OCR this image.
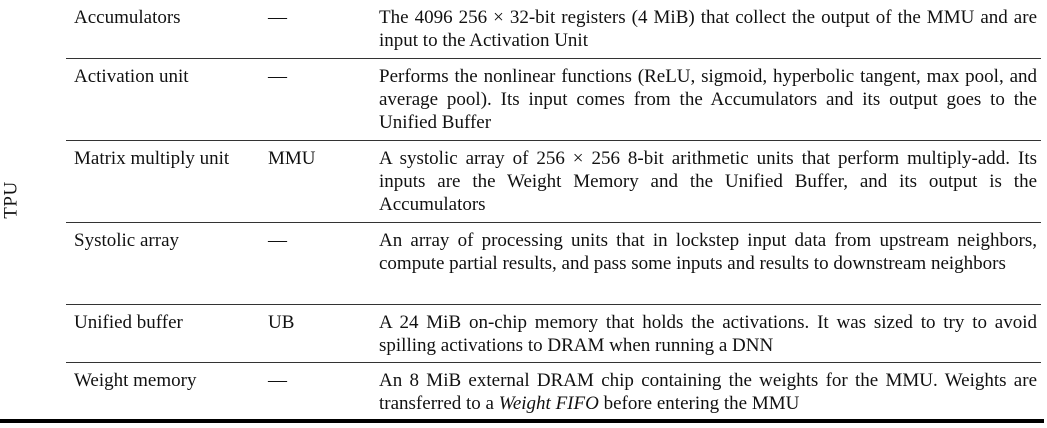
TPU
Accumulators	—	The 4096 256 × 32-bit registers (4 MiB) that collect the output of the MMU and are input to the Activation Unit
Activation unit	—	Performs the nonlinear functions (ReLU, sigmoid, hyperbolic tangent, max pool, and average pool). Its input comes from the Accumulators and its output goes to the Unified Buffer
Matrix multiply unit	MMU	A systolic array of 256 × 256 8-bit arithmetic units that perform multiply-add. Its inputs are the Weight Memory and the Unified Buffer, and its output is the Accumulators
Systolic array	—	An array of processing units that in lockstep input data from upstream neighbors, compute partial results, and pass some inputs and results to downstream neighbors
Unified buffer	UB	A 24 MiB on-chip memory that holds the activations. It was sized to try to avoid spilling activations to DRAM when running a DNN
Weight memory	—	An 8 MiB external DRAM chip containing the weights for the MMU. Weights are transferred to a Weight FIFO before entering the MMU
